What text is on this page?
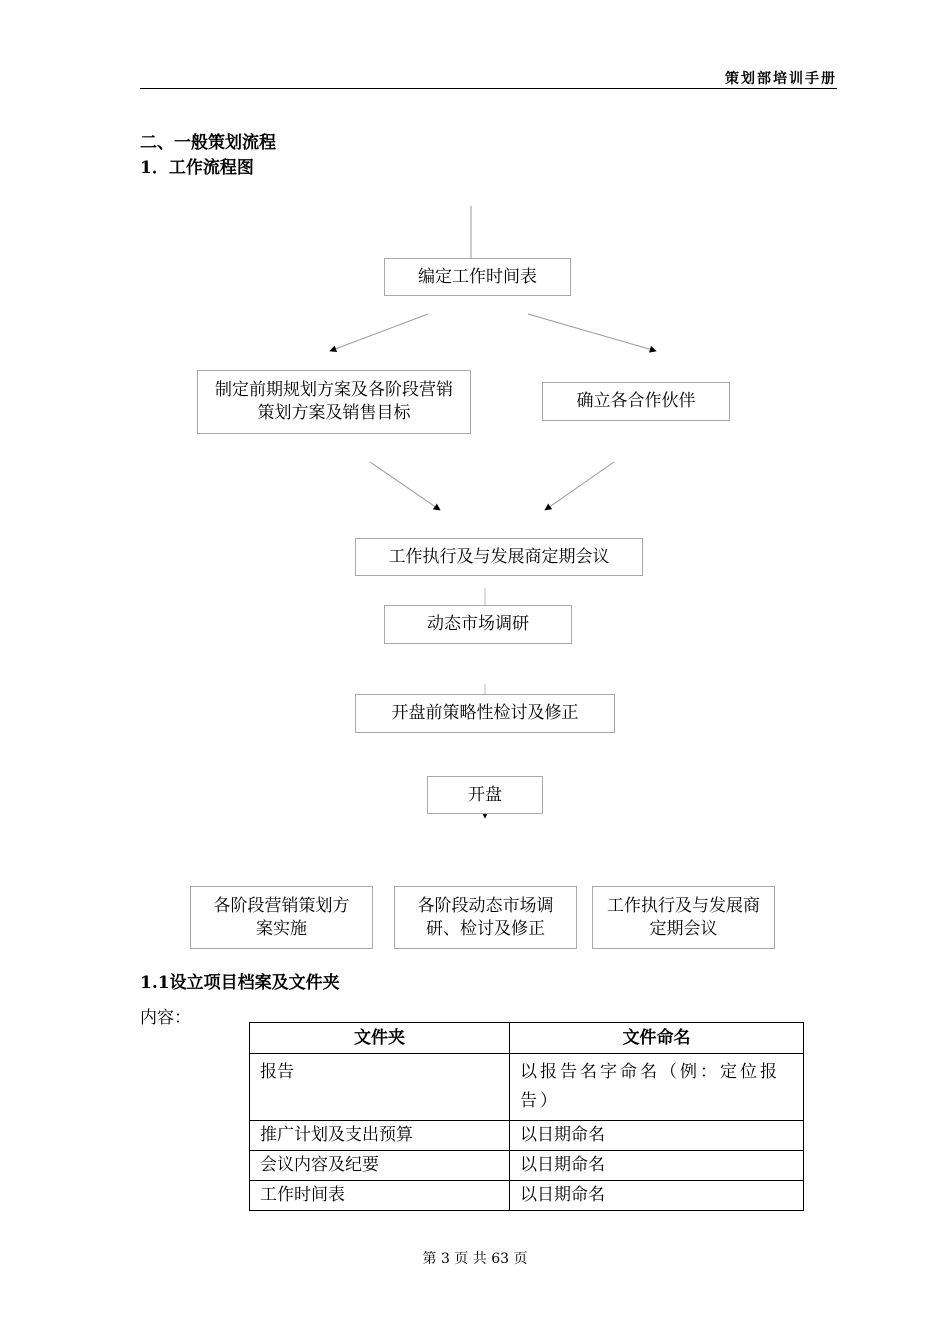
策划部培训手册
二、一般策划流程
1．工作流程图
编定工作时间表
制定前期规划方案及各阶段营销策划方案及销售目标
确立各合作伙伴
工作执行及与发展商定期会议
动态市场调研
开盘前策略性检讨及修正
开盘
各阶段营销策划方案实施
各阶段动态市场调研、检讨及修正
工作执行及与发展商定期会议
1.1设立项目档案及文件夹
内容：
文件夹	文件命名
报告	以报告名字命名（例：定位报告）
推广计划及支出预算	以日期命名
会议内容及纪要	以日期命名
工作时间表	以日期命名
第 3 页 共 63 页
